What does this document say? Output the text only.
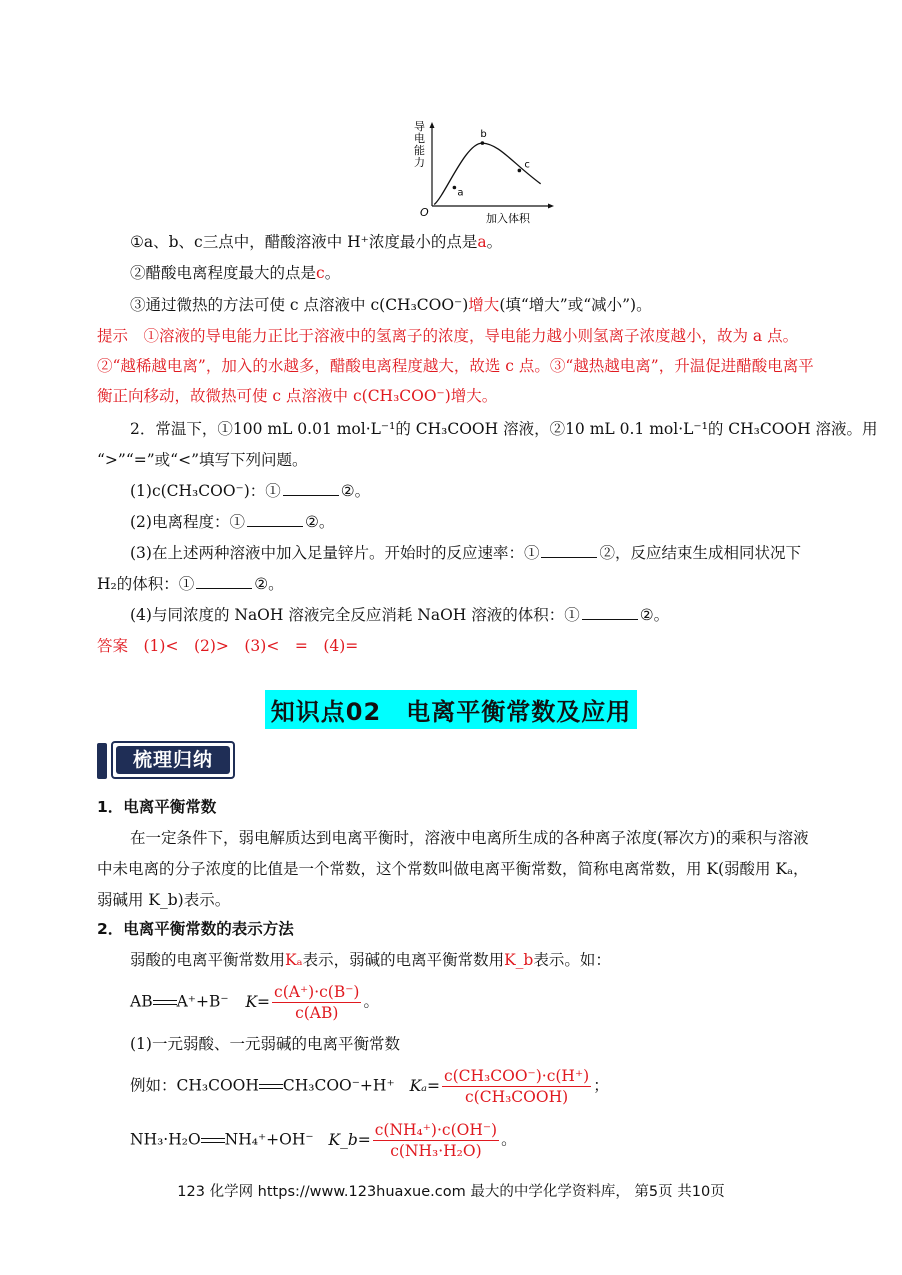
导
电
能
力
O	加入体积
a
b
c
①a、b、c三点中，醋酸溶液中 H⁺浓度最小的点是a。
②醋酸电离程度最大的点是c。
③通过微热的方法可使 c 点溶液中 c(CH₃COO⁻)增大(填“增大”或“减小”)。
提示　①溶液的导电能力正比于溶液中的氢离子的浓度，导电能力越小则氢离子浓度越小，故为 a 点。
②“越稀越电离”，加入的水越多，醋酸电离程度越大，故选 c 点。③“越热越电离”，升温促进醋酸电离平
衡正向移动，故微热可使 c 点溶液中 c(CH₃COO⁻)增大。
2．常温下，①100 mL 0.01 mol·L⁻¹的 CH₃COOH 溶液，②10 mL 0.1 mol·L⁻¹的 CH₃COOH 溶液。用
“>”“=”或“<”填写下列问题。
(1)c(CH₃COO⁻)：①	②。
(2)电离程度：①	②。
(3)在上述两种溶液中加入足量锌片。开始时的反应速率：①	②，反应结束生成相同状况下
H₂的体积：①	②。
(4)与同浓度的 NaOH 溶液完全反应消耗 NaOH 溶液的体积：①	②。
答案　(1)<　(2)>　(3)<　=　(4)=
知识点02　电离平衡常数及应用
梳理归纳
1．电离平衡常数
在一定条件下，弱电解质达到电离平衡时，溶液中电离所生成的各种离子浓度(幂次方)的乘积与溶液
中未电离的分子浓度的比值是一个常数，这个常数叫做电离平衡常数，简称电离常数，用 K(弱酸用 Kₐ，
弱碱用 K_b)表示。
2．电离平衡常数的表示方法
弱酸的电离平衡常数用Kₐ表示，弱碱的电离平衡常数用K_b表示。如：
AB A⁺+B⁻ $K= \frac{c(A^+)\cdot c(B^-)}{c(AB)}$ 。
(1)一元弱酸、一元弱碱的电离平衡常数
例如：CH₃COOH CH₃COO⁻+H⁺ $K_a= \frac{\text{c(CH₃COO⁻)·c(H⁺)}}{\text{c(CH₃COOH)}}$ ；
NH₃·H₂O NH₄⁺+OH⁻ K_b= $\frac{\text{c(NH₄⁺)·c(OH⁻)}}{\text{c(NH₃·H₂O)}}$ 。
123 化学网 https://www.123huaxue.com 最大的中学化学资料库， 第5页 共10页
